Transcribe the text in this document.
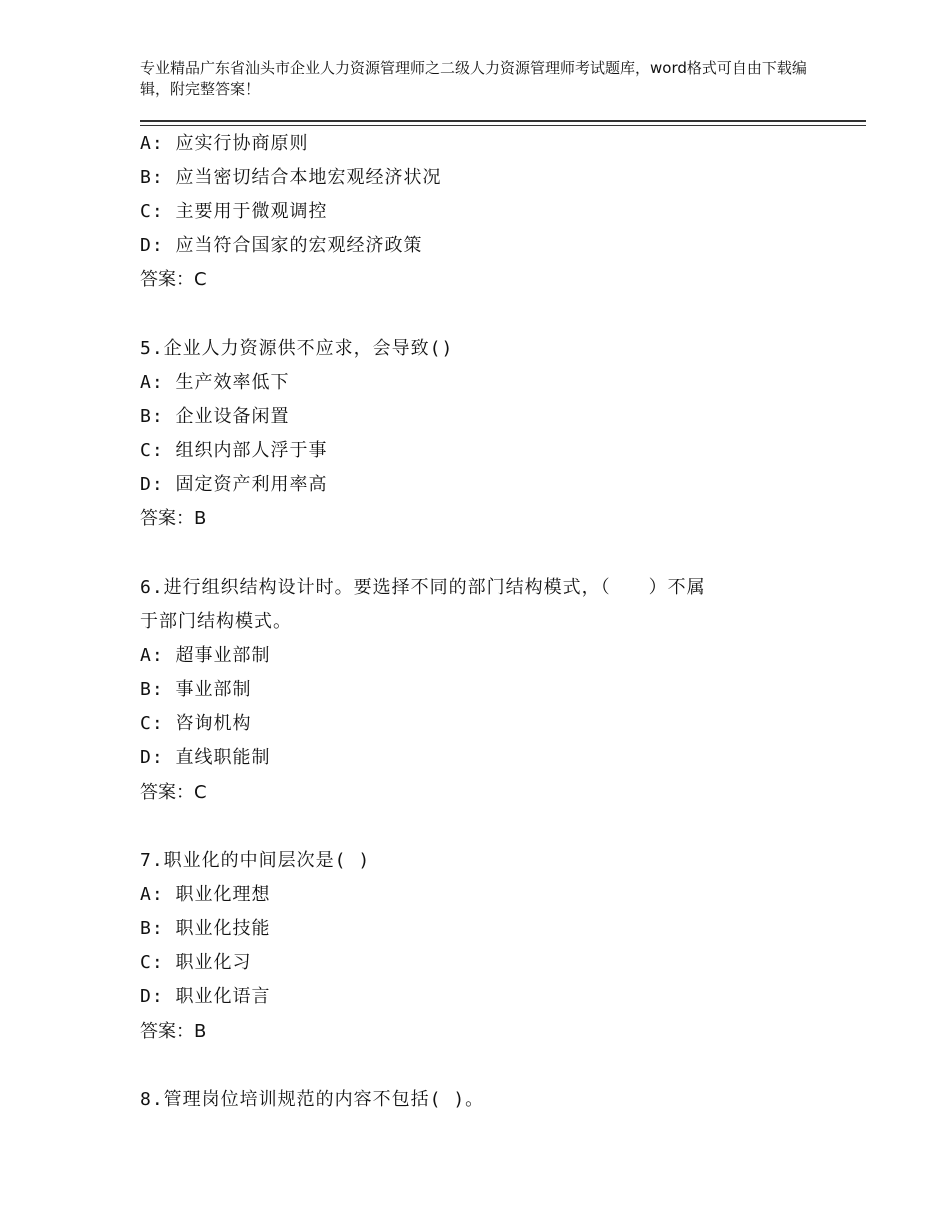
专业精品广东省汕头市企业人力资源管理师之二级人力资源管理师考试题库，word格式可自由下载编辑，附完整答案！
A: 应实行协商原则
B: 应当密切结合本地宏观经济状况
C: 主要用于微观调控
D: 应当符合国家的宏观经济政策
答案：C
5.企业人力资源供不应求，会导致()
A: 生产效率低下
B: 企业设备闲置
C: 组织内部人浮于事
D: 固定资产利用率高
答案：B
6.进行组织结构设计时。要选择不同的部门结构模式，（　　）不属
于部门结构模式。
A: 超事业部制
B: 事业部制
C: 咨询机构
D: 直线职能制
答案：C
7.职业化的中间层次是( )
A: 职业化理想
B: 职业化技能
C: 职业化习
D: 职业化语言
答案：B
8.管理岗位培训规范的内容不包括( )。
